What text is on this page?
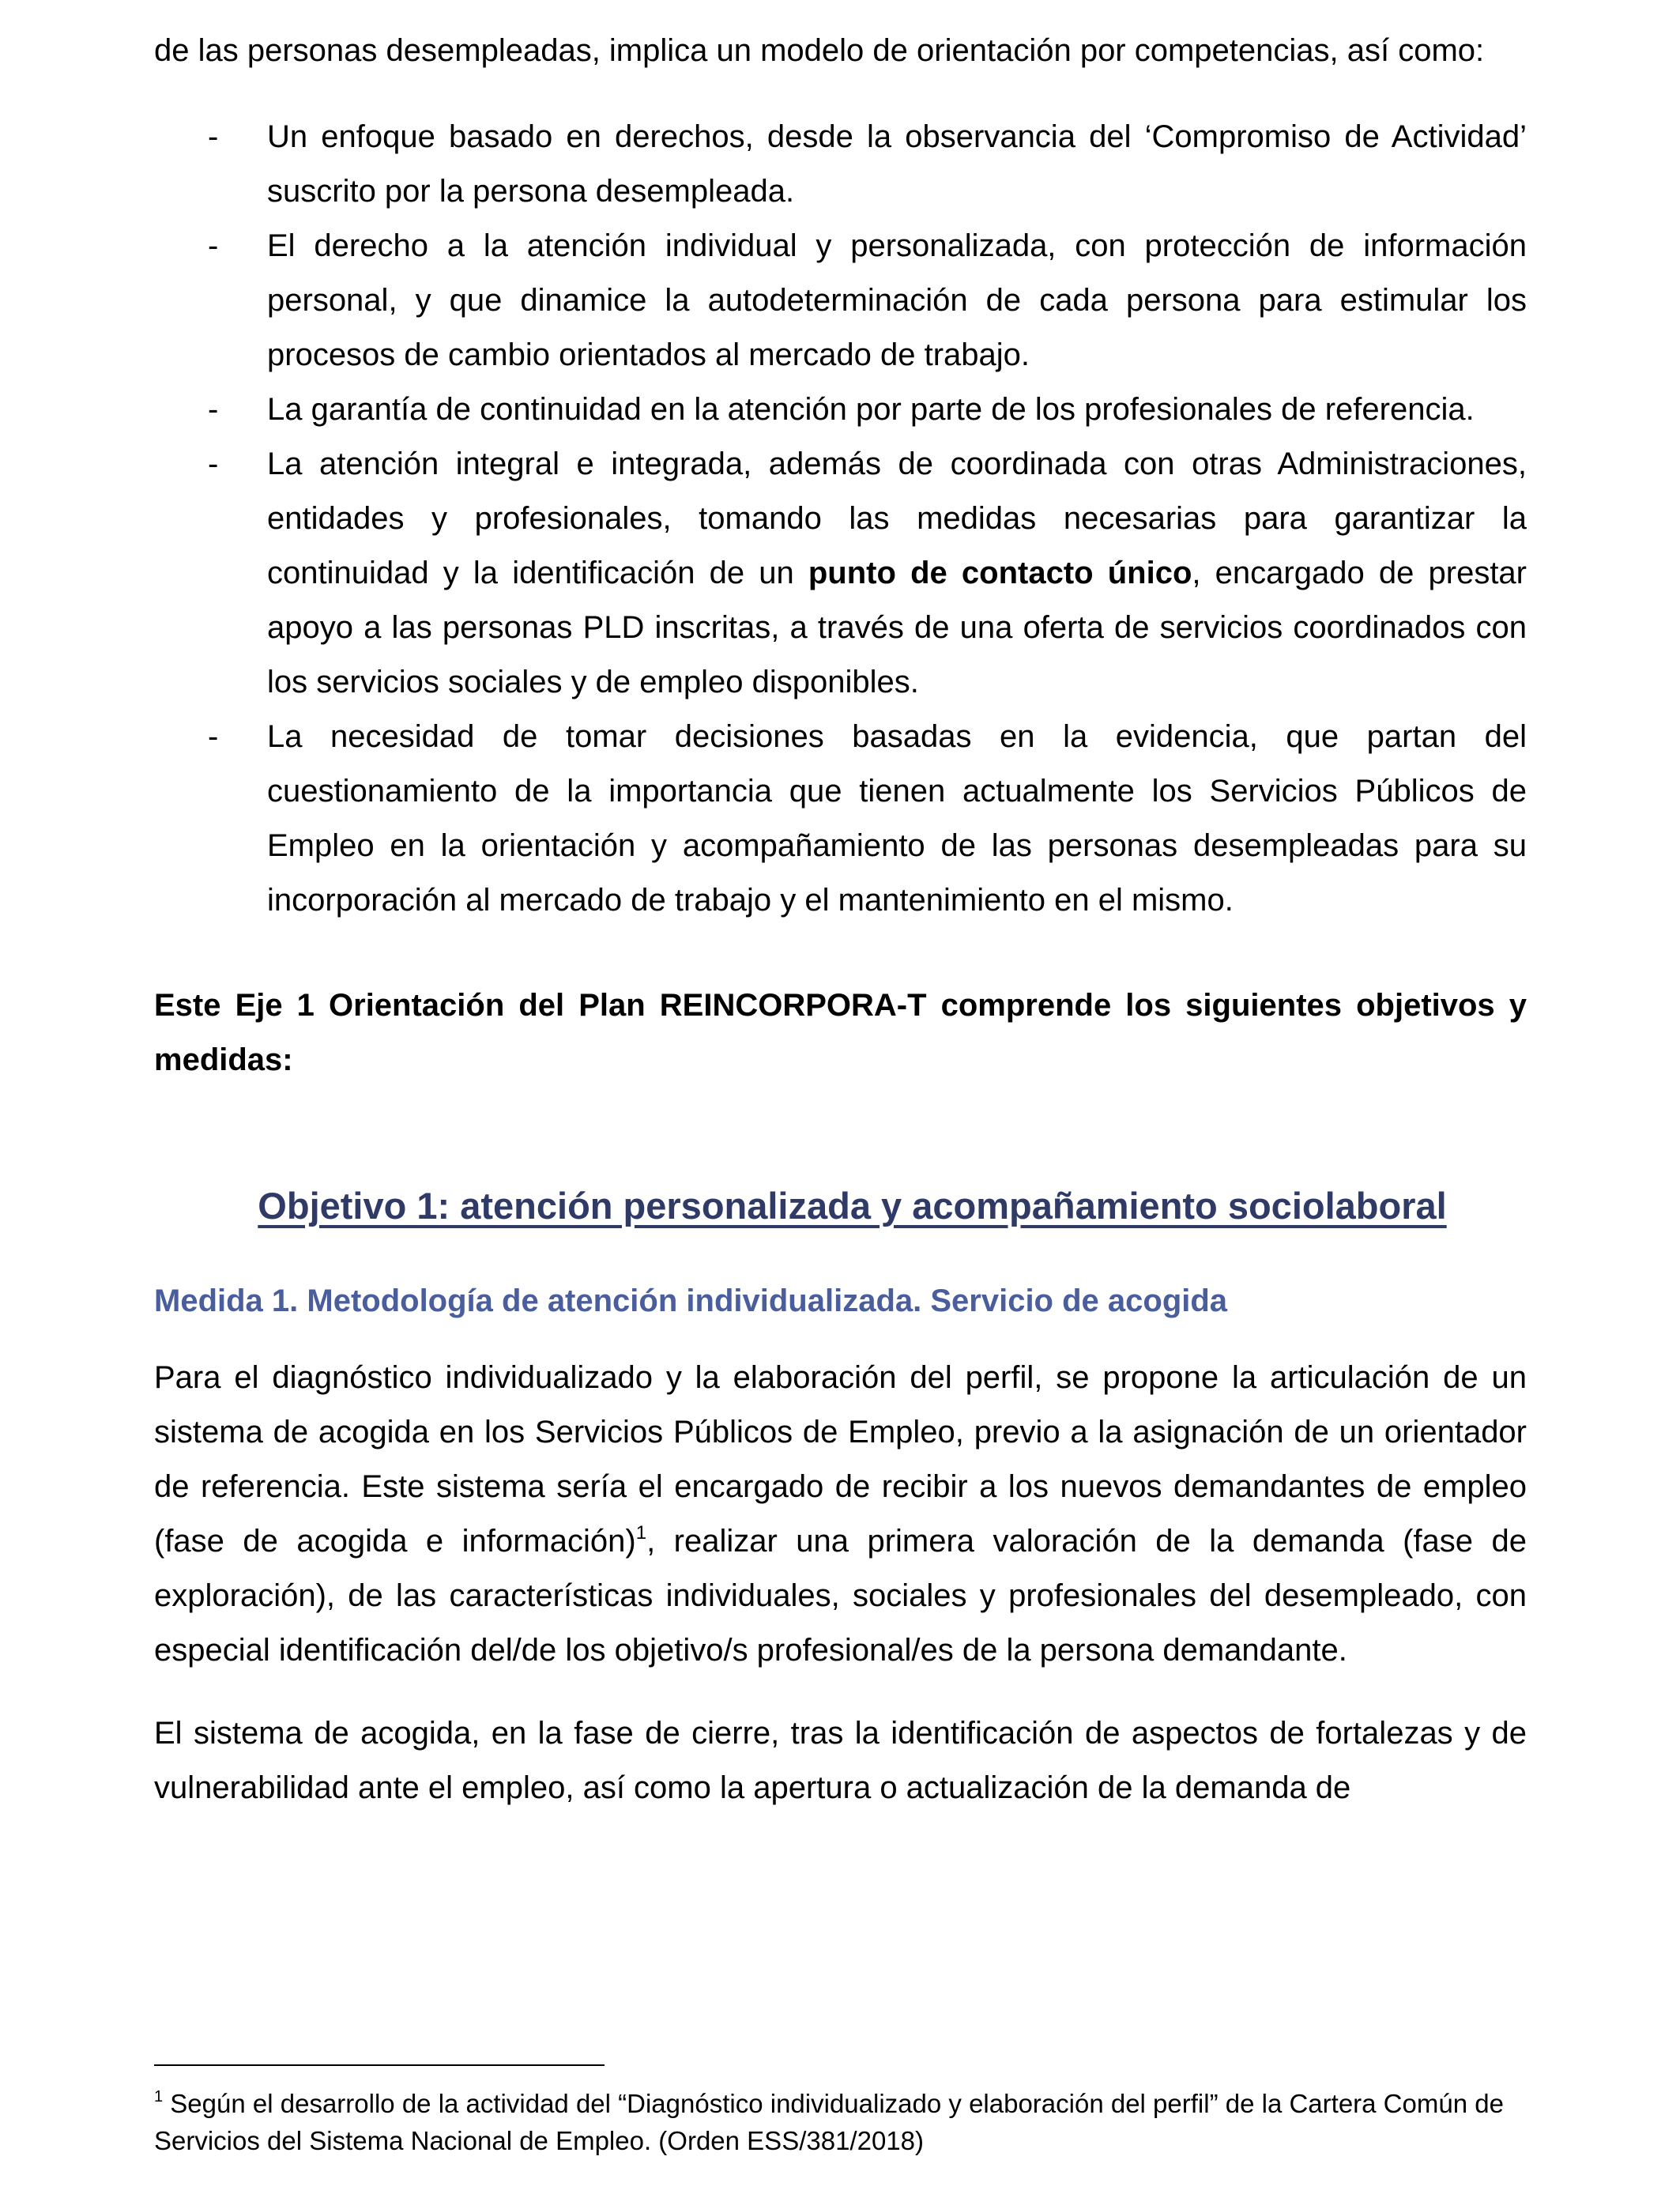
de las personas desempleadas, implica un modelo de orientación por competencias, así como:

- Un enfoque basado en derechos, desde la observancia del ‘Compromiso de Actividad’ suscrito por la persona desempleada.
- El derecho a la atención individual y personalizada, con protección de información personal, y que dinamice la autodeterminación de cada persona para estimular los procesos de cambio orientados al mercado de trabajo.
- La garantía de continuidad en la atención por parte de los profesionales de referencia.
- La atención integral e integrada, además de coordinada con otras Administraciones, entidades y profesionales, tomando las medidas necesarias para garantizar la continuidad y la identificación de un punto de contacto único, encargado de prestar apoyo a las personas PLD inscritas, a través de una oferta de servicios coordinados con los servicios sociales y de empleo disponibles.
- La necesidad de tomar decisiones basadas en la evidencia, que partan del cuestionamiento de la importancia que tienen actualmente los Servicios Públicos de Empleo en la orientación y acompañamiento de las personas desempleadas para su incorporación al mercado de trabajo y el mantenimiento en el mismo.

Este Eje 1 Orientación del Plan REINCORPORA-T comprende los siguientes objetivos y medidas:

Objetivo 1: atención personalizada y acompañamiento sociolaboral

Medida 1. Metodología de atención individualizada. Servicio de acogida

Para el diagnóstico individualizado y la elaboración del perfil, se propone la articulación de un sistema de acogida en los Servicios Públicos de Empleo, previo a la asignación de un orientador de referencia. Este sistema sería el encargado de recibir a los nuevos demandantes de empleo (fase de acogida e información)$^1$, realizar una primera valoración de la demanda (fase de exploración), de las características individuales, sociales y profesionales del desempleado, con especial identificación del/de los objetivo/s profesional/es de la persona demandante.

El sistema de acogida, en la fase de cierre, tras la identificación de aspectos de fortalezas y de vulnerabilidad ante el empleo, así como la apertura o actualización de la demanda de

$^1$ Según el desarrollo de la actividad del “Diagnóstico individualizado y elaboración del perfil” de la Cartera Común de Servicios del Sistema Nacional de Empleo. (Orden ESS/381/2018)
